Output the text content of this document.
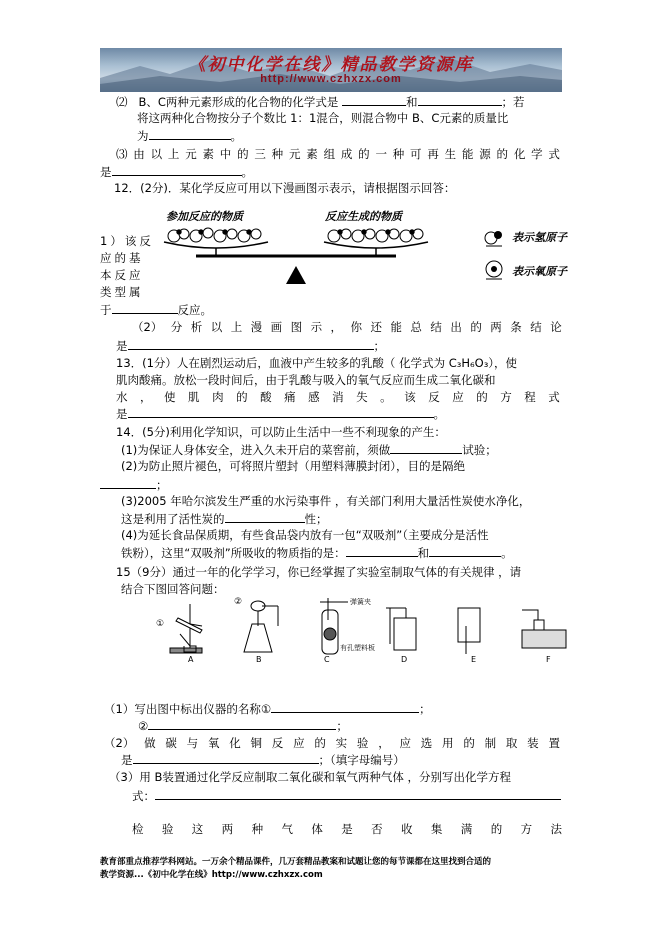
《初中化学在线》精品教学资源库
http://www.czhxzx.com
⑵ B、C两种元素形成的化合物的化学式是	和	；若
将这两种化合物按分子个数比 1：1混合，则混合物中 B、C元素的质量比
为	。
⑶ 由 以 上 元 素 中 的 三 种 元 素 组 成 的 一 种 可 再 生 能 源 的 化 学 式
是	。
12．(2分)．某化学反应可用以下漫画图示表示，请根据图示回答：
参加反应的物质	反应生成的物质
表示氢原子
表示氧原子
1）该反
应的基
本反应
类型属
于	反应。
（2） 分 析 以 上 漫 画 图 示 ， 你 还 能 总 结 出 的 两 条 结 论
是	；
13．(1分）人在剧烈运动后，血液中产生较多的乳酸（ 化学式为 C₃H₆O₃），使
肌肉酸痛。放松一段时间后，由于乳酸与吸入的氧气反应而生成二氧化碳和
水 ， 使 肌 肉 的 酸 痛 感 消 失 。 该 反 应 的 方 程 式
是	。
14．(5分)利用化学知识，可以防止生活中一些不利现象的产生：
(1)为保证人身体安全，进入久未开启的菜窖前，须做	试验；
(2)为防止照片褪色，可将照片塑封（用塑料薄膜封闭），目的是隔绝
；
(3)2005 年哈尔滨发生严重的水污染事件 ，有关部门利用大量活性炭使水净化，
这是利用了活性炭的	性；
(4)为延长食品保质期，有些食品袋内放有一包“双吸剂”（主要成分是活性
铁粉），这里“双吸剂”所吸收的物质指的是：	和	。
15（9分）通过一年的化学学习，你已经掌握了实验室制取气体的有关规律 ，请
结合下图回答问题：
①
②	弹簧夹
有孔塑料板
A	B	C	D	E	F
（1）写出图中标出仪器的名称①	；
②	；
（2） 做 碳 与 氧 化 铜 反 应 的 实 验 ， 应 选 用 的 制 取 装 置
是	；（填字母编号）
（3）用 B装置通过化学反应制取二氧化碳和氧气两种气体 ，分别写出化学方程
式：
检 验 这 两 种 气 体 是 否 收 集 满 的 方 法
教育部重点推荐学科网站。一万余个精品课件，几万套精品教案和试题让您的每节课都在这里找到合适的
教学资源...《初中化学在线》http://www.czhxzx.com
